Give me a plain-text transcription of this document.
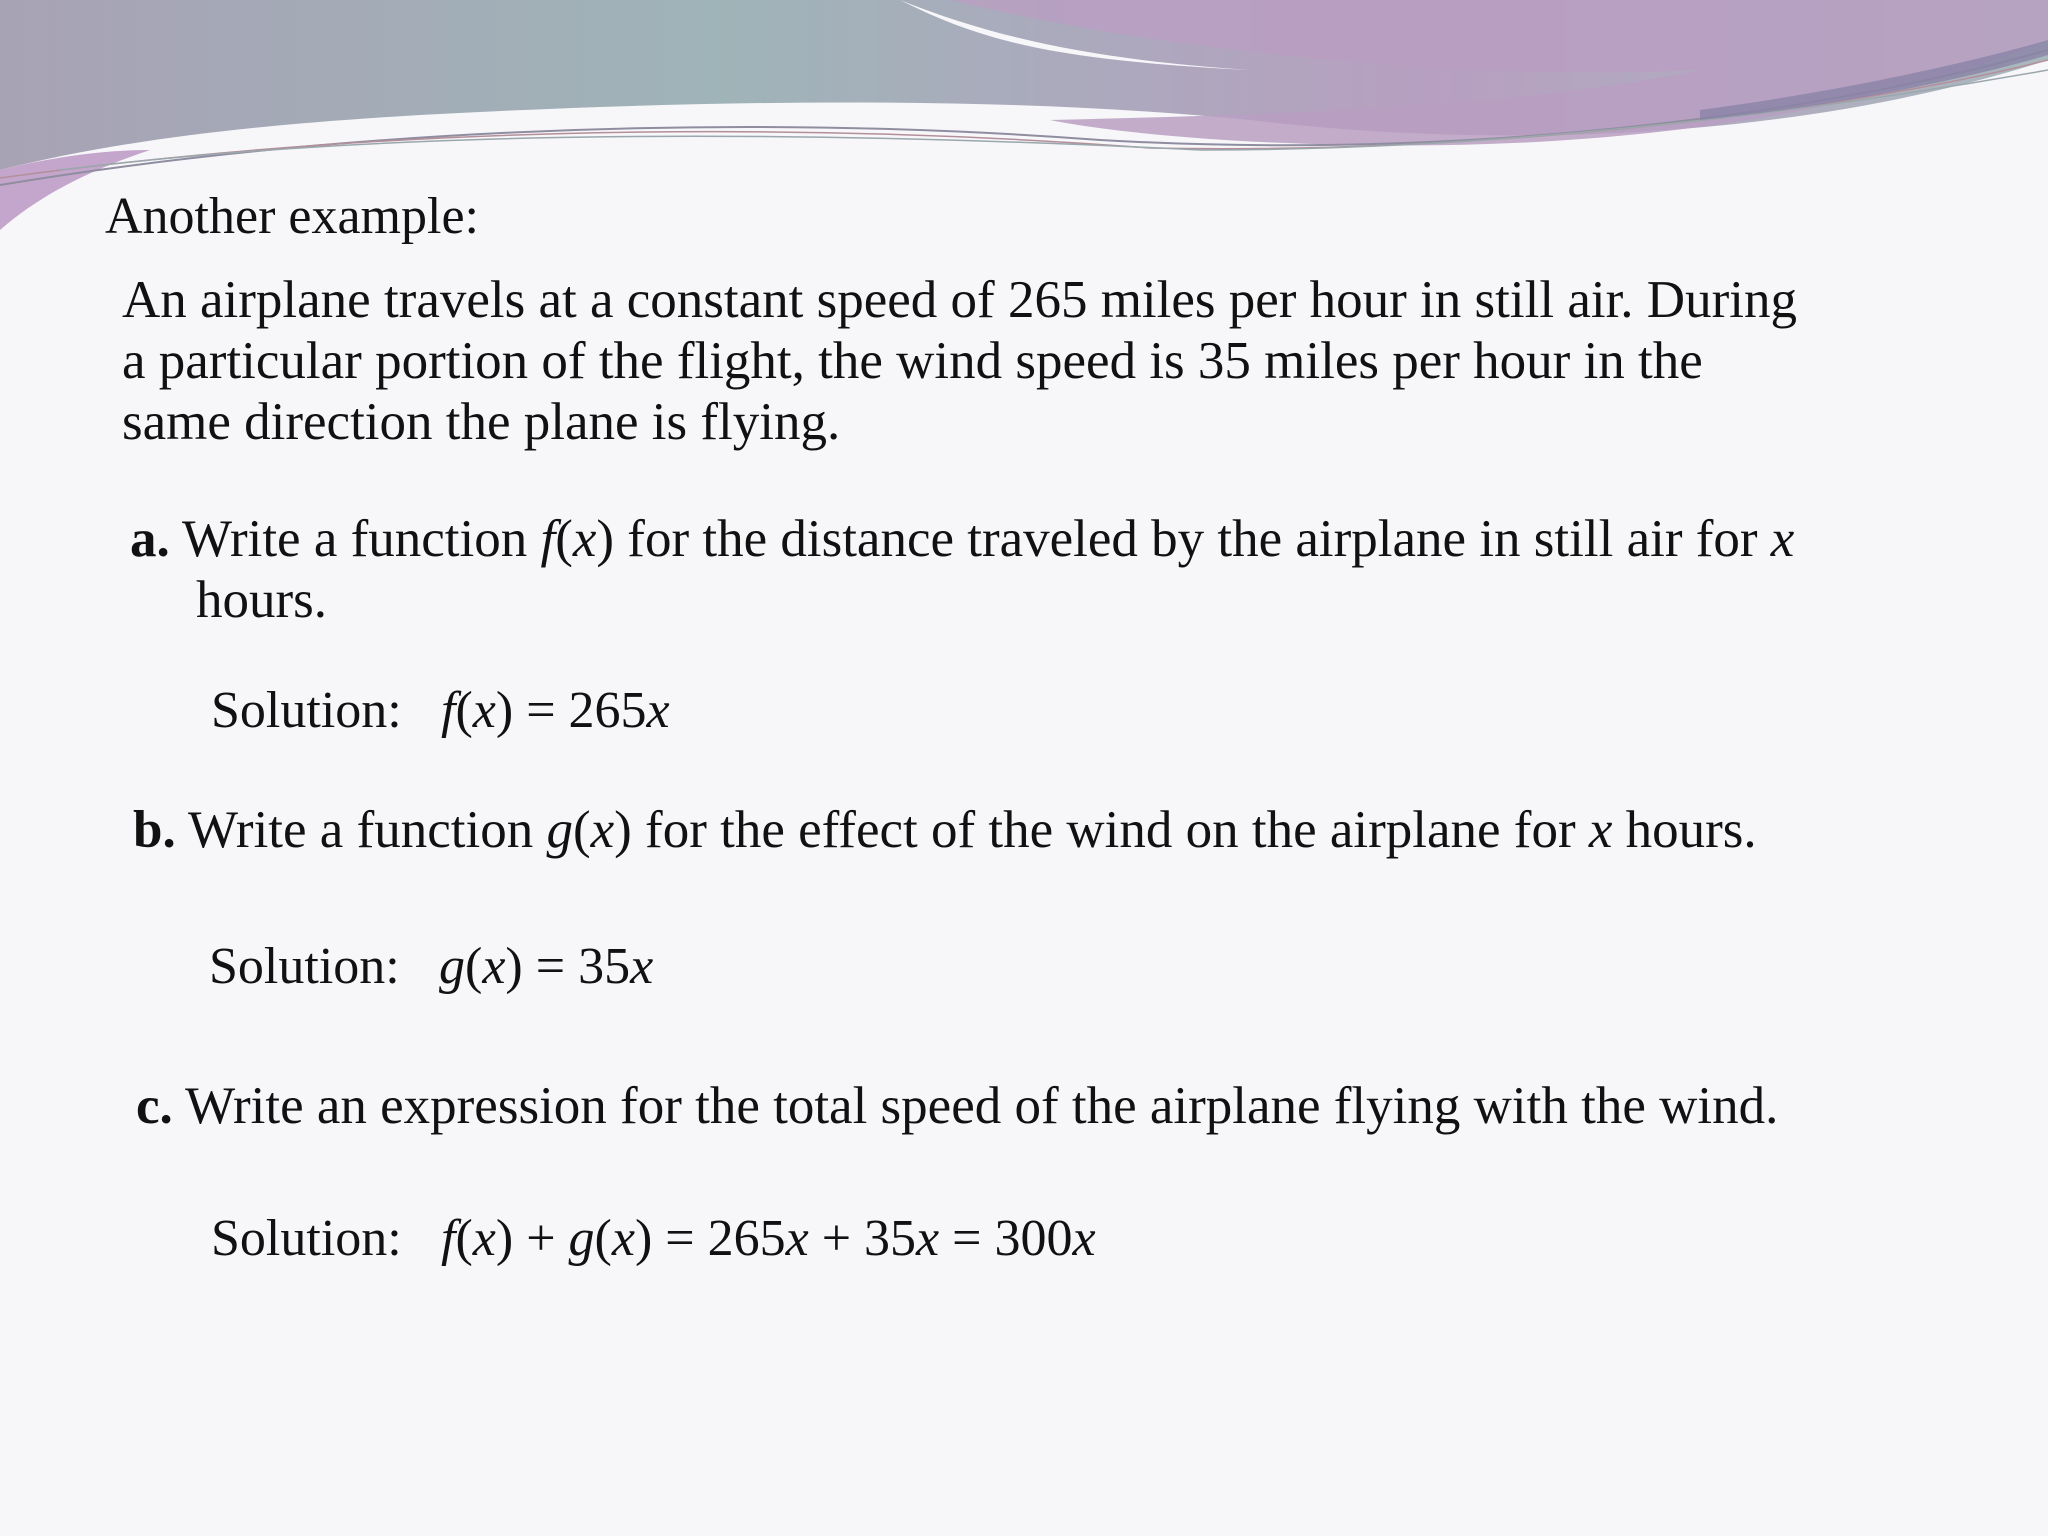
Another example:
An airplane travels at a constant speed of 265 miles per hour in still air. During
a particular portion of the flight, the wind speed is 35 miles per hour in the
same direction the plane is flying.
a. Write a function f(x) for the distance traveled by the airplane in still air for x
hours.
Solution: f(x) = 265x
b. Write a function g(x) for the effect of the wind on the airplane for x hours.
Solution: g(x) = 35x
c. Write an expression for the total speed of the airplane flying with the wind.
Solution: f(x) + g(x) = 265x + 35x = 300x
